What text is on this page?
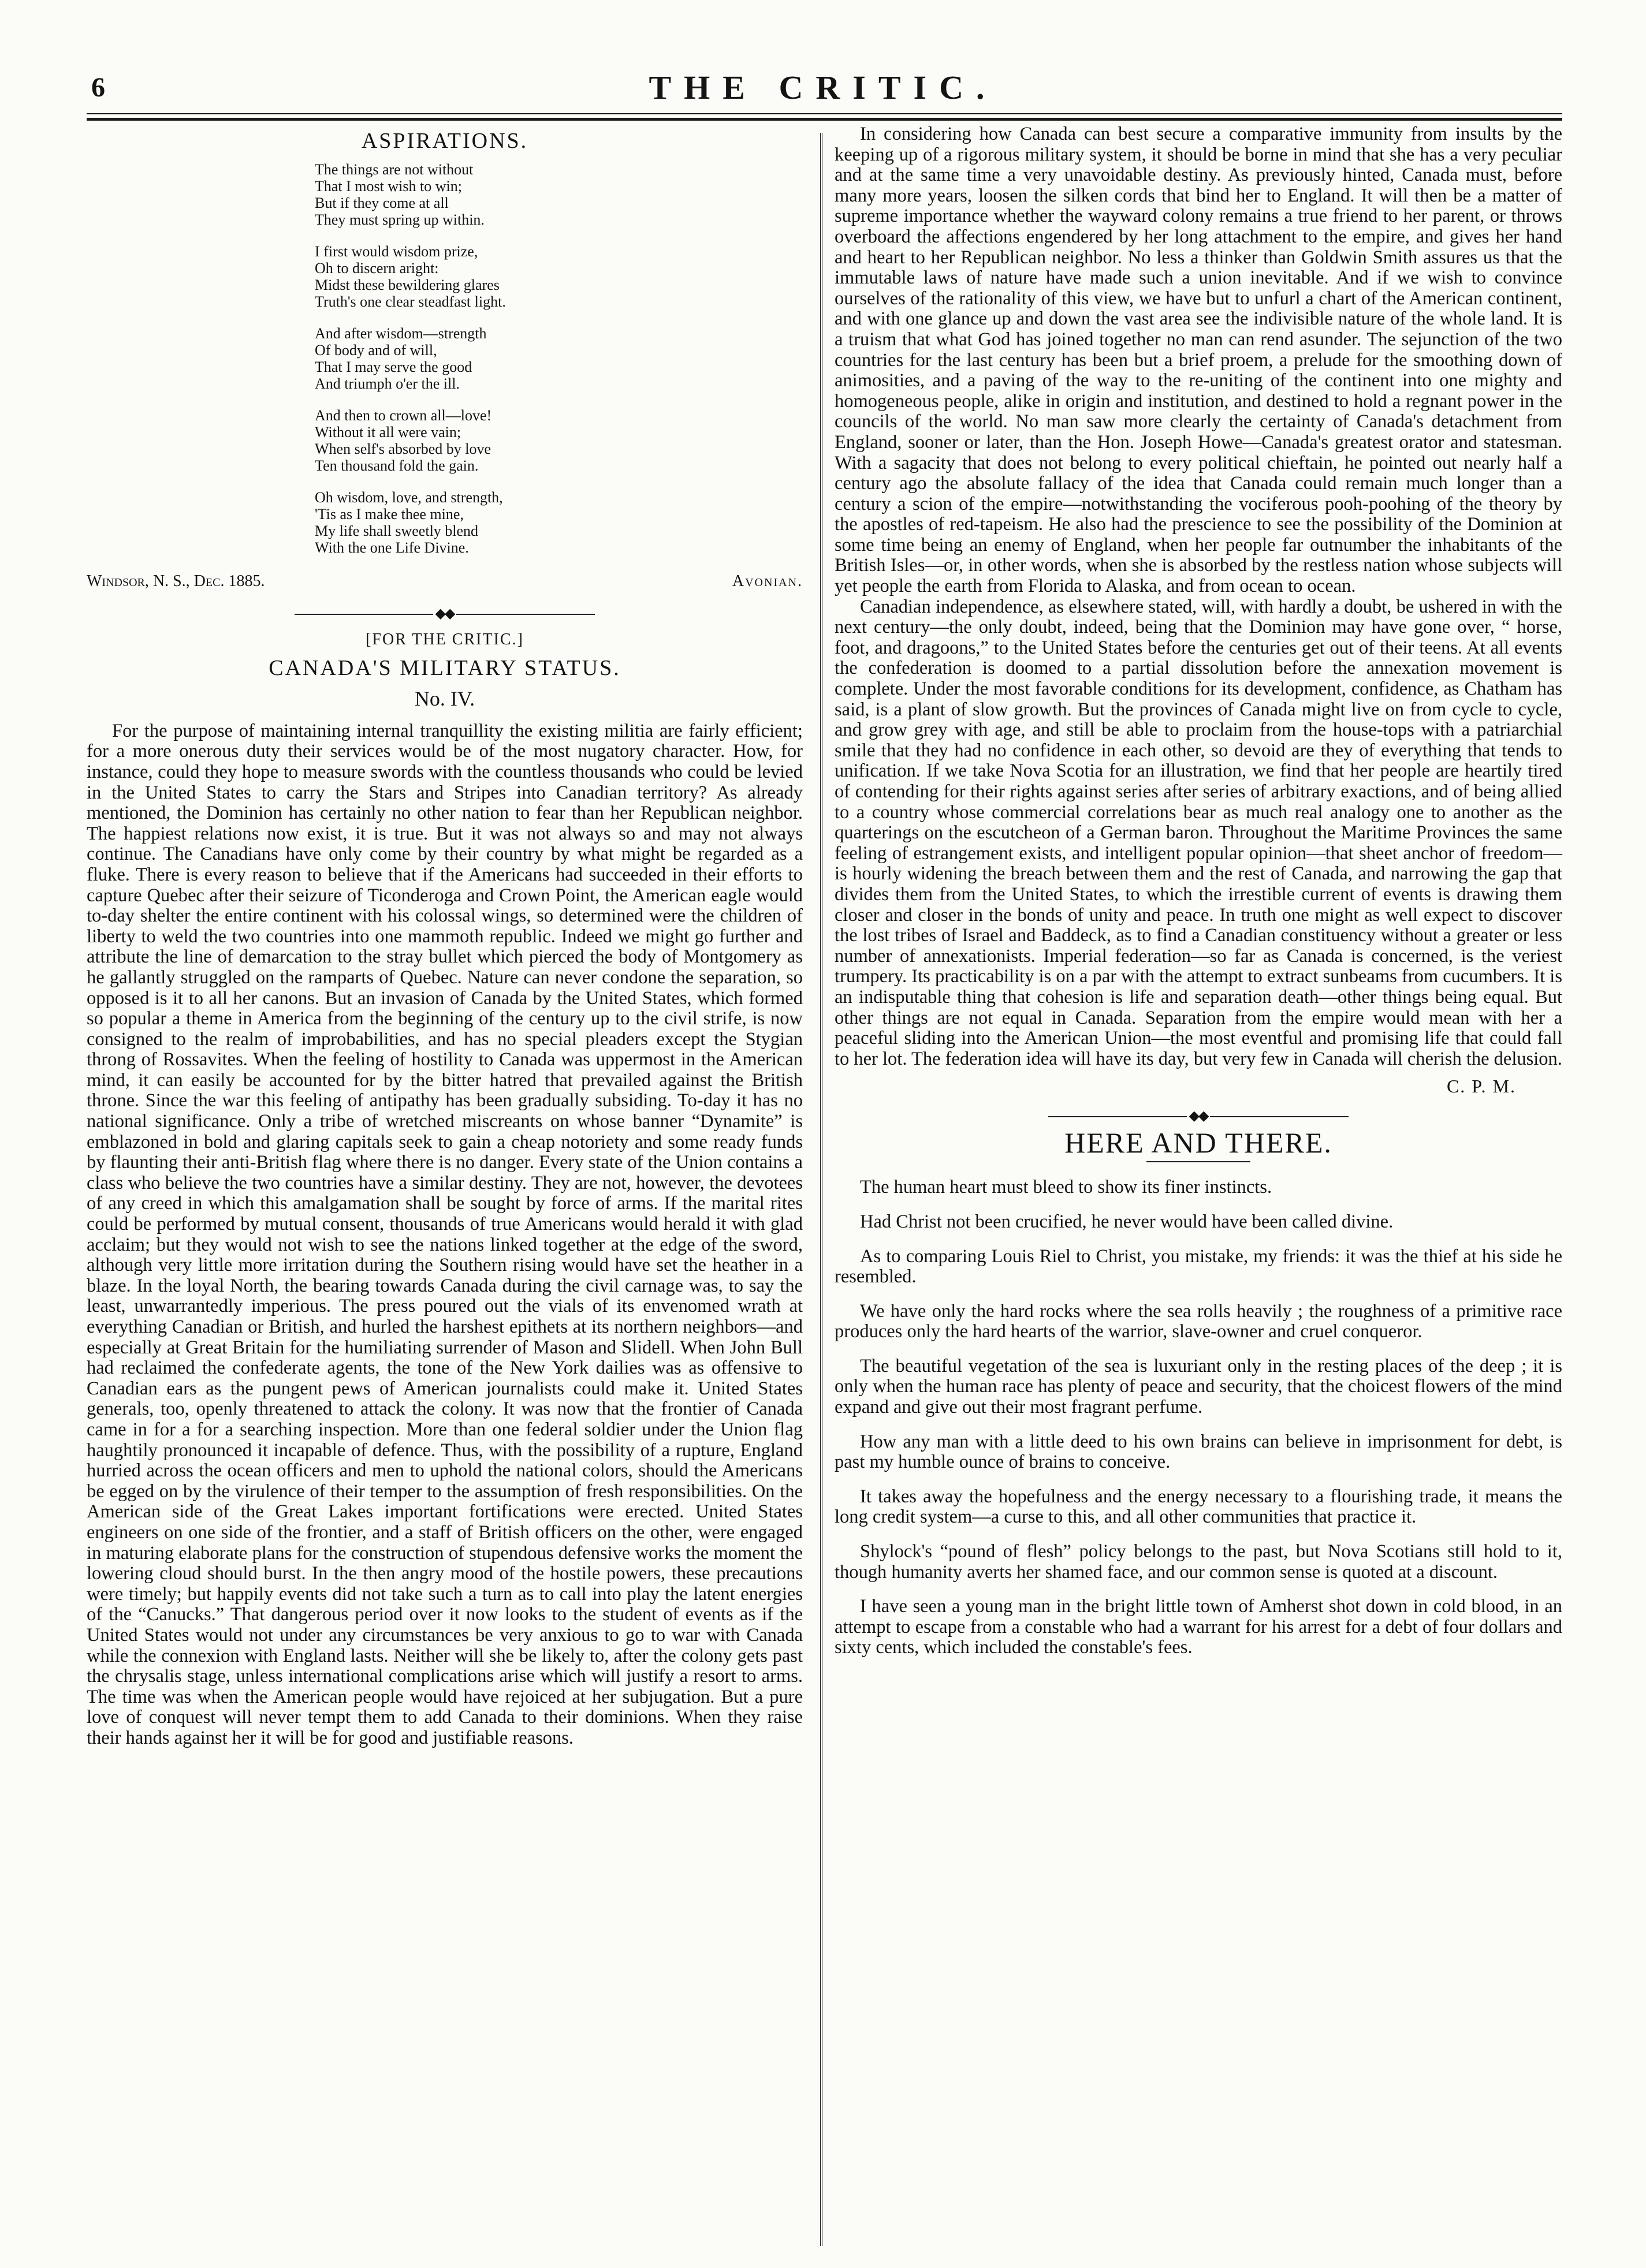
6	THE CRITIC.
ASPIRATIONS.
The things are not without
That I most wish to win;
But if they come at all
They must spring up within.
I first would wisdom prize,
Oh to discern aright:
Midst these bewildering glares
Truth's one clear steadfast light.
And after wisdom—strength
Of body and of will,
That I may serve the good
And triumph o'er the ill.
And then to crown all—love!
Without it all were vain;
When self's absorbed by love
Ten thousand fold the gain.
Oh wisdom, love, and strength,
'Tis as I make thee mine,
My life shall sweetly blend
With the one Life Divine.
Windsor, N. S., Dec. 1885.	Avonian.
◆◆
[FOR THE CRITIC.]
CANADA'S MILITARY STATUS.
No. IV.

For the purpose of maintaining internal tranquillity the existing militia are fairly efficient; for a more onerous duty their services would be of the most nugatory character. How, for instance, could they hope to measure swords with the countless thousands who could be levied in the United States to carry the Stars and Stripes into Canadian territory? As already mentioned, the Dominion has certainly no other nation to fear than her Republican neighbor. The happiest relations now exist, it is true. But it was not always so and may not always continue. The Canadians have only come by their country by what might be regarded as a fluke. There is every reason to believe that if the Americans had succeeded in their efforts to capture Quebec after their seizure of Ticonderoga and Crown Point, the American eagle would to-day shelter the entire continent with his colossal wings, so determined were the children of liberty to weld the two countries into one mammoth republic. Indeed we might go further and attribute the line of demarcation to the stray bullet which pierced the body of Montgomery as he gallantly struggled on the ramparts of Quebec. Nature can never condone the separation, so opposed is it to all her canons. But an invasion of Canada by the United States, which formed so popular a theme in America from the beginning of the century up to the civil strife, is now consigned to the realm of improbabilities, and has no special pleaders except the Stygian throng of Rossavites. When the feeling of hostility to Canada was uppermost in the American mind, it can easily be accounted for by the bitter hatred that prevailed against the British throne. Since the war this feeling of antipathy has been gradually subsiding. To-day it has no national significance. Only a tribe of wretched miscreants on whose banner “Dynamite” is emblazoned in bold and glaring capitals seek to gain a cheap notoriety and some ready funds by flaunting their anti-British flag where there is no danger. Every state of the Union contains a class who believe the two countries have a similar destiny. They are not, however, the devotees of any creed in which this amalgamation shall be sought by force of arms. If the marital rites could be performed by mutual consent, thousands of true Americans would herald it with glad acclaim; but they would not wish to see the nations linked together at the edge of the sword, although very little more irritation during the Southern rising would have set the heather in a blaze. In the loyal North, the bearing towards Canada during the civil carnage was, to say the least, unwarrantedly imperious. The press poured out the vials of its envenomed wrath at everything Canadian or British, and hurled the harshest epithets at its northern neighbors—and especially at Great Britain for the humiliating surrender of Mason and Slidell. When John Bull had reclaimed the confederate agents, the tone of the New York dailies was as offensive to Canadian ears as the pungent pews of American journalists could make it. United States generals, too, openly threatened to attack the colony. It was now that the frontier of Canada came in for a for a searching inspection. More than one federal soldier under the Union flag haughtily pronounced it incapable of defence. Thus, with the possibility of a rupture, England hurried across the ocean officers and men to uphold the national colors, should the Americans be egged on by the virulence of their temper to the assumption of fresh responsibilities. On the American side of the Great Lakes important fortifications were erected. United States engineers on one side of the frontier, and a staff of British officers on the other, were engaged in maturing elaborate plans for the construction of stupendous defensive works the moment the lowering cloud should burst. In the then angry mood of the hostile powers, these precautions were timely; but happily events did not take such a turn as to call into play the latent energies of the “Canucks.” That dangerous period over it now looks to the student of events as if the United States would not under any circumstances be very anxious to go to war with Canada while the connexion with England lasts. Neither will she be likely to, after the colony gets past the chrysalis stage, unless international complications arise which will justify a resort to arms. The time was when the American people would have rejoiced at her subjugation. But a pure love of conquest will never tempt them to add Canada to their dominions. When they raise their hands against her it will be for good and justifiable reasons.

In considering how Canada can best secure a comparative immunity from insults by the keeping up of a rigorous military system, it should be borne in mind that she has a very peculiar and at the same time a very unavoidable destiny. As previously hinted, Canada must, before many more years, loosen the silken cords that bind her to England. It will then be a matter of supreme importance whether the wayward colony remains a true friend to her parent, or throws overboard the affections engendered by her long attachment to the empire, and gives her hand and heart to her Republican neighbor. No less a thinker than Goldwin Smith assures us that the immutable laws of nature have made such a union inevitable. And if we wish to convince ourselves of the rationality of this view, we have but to unfurl a chart of the American continent, and with one glance up and down the vast area see the indivisible nature of the whole land. It is a truism that what God has joined together no man can rend asunder. The sejunction of the two countries for the last century has been but a brief proem, a prelude for the smoothing down of animosities, and a paving of the way to the re-uniting of the continent into one mighty and homogeneous people, alike in origin and institution, and destined to hold a regnant power in the councils of the world. No man saw more clearly the certainty of Canada's detachment from England, sooner or later, than the Hon. Joseph Howe—Canada's greatest orator and statesman. With a sagacity that does not belong to every political chieftain, he pointed out nearly half a century ago the absolute fallacy of the idea that Canada could remain much longer than a century a scion of the empire—notwithstanding the vociferous pooh-poohing of the theory by the apostles of red-tapeism. He also had the prescience to see the possibility of the Dominion at some time being an enemy of England, when her people far outnumber the inhabitants of the British Isles—or, in other words, when she is absorbed by the restless nation whose subjects will yet people the earth from Florida to Alaska, and from ocean to ocean.

Canadian independence, as elsewhere stated, will, with hardly a doubt, be ushered in with the next century—the only doubt, indeed, being that the Dominion may have gone over, “ horse, foot, and dragoons,” to the United States before the centuries get out of their teens. At all events the confederation is doomed to a partial dissolution before the annexation movement is complete. Under the most favorable conditions for its development, confidence, as Chatham has said, is a plant of slow growth. But the provinces of Canada might live on from cycle to cycle, and grow grey with age, and still be able to proclaim from the house-tops with a patriarchial smile that they had no confidence in each other, so devoid are they of everything that tends to unification. If we take Nova Scotia for an illustration, we find that her people are heartily tired of contending for their rights against series after series of arbitrary exactions, and of being allied to a country whose commercial correlations bear as much real analogy one to another as the quarterings on the escutcheon of a German baron. Throughout the Maritime Provinces the same feeling of estrangement exists, and intelligent popular opinion—that sheet anchor of freedom—is hourly widening the breach between them and the rest of Canada, and narrowing the gap that divides them from the United States, to which the irrestible current of events is drawing them closer and closer in the bonds of unity and peace. In truth one might as well expect to discover the lost tribes of Israel and Baddeck, as to find a Canadian constituency without a greater or less number of annexationists. Imperial federation—so far as Canada is concerned, is the veriest trumpery. Its practicability is on a par with the attempt to extract sunbeams from cucumbers. It is an indisputable thing that cohesion is life and separation death—other things being equal. But other things are not equal in Canada. Separation from the empire would mean with her a peaceful sliding into the American Union—the most eventful and promising life that could fall to her lot. The federation idea will have its day, but very few in Canada will cherish the delusion.

C. P. M.
◆◆
HERE AND THERE.

The human heart must bleed to show its finer instincts.

Had Christ not been crucified, he never would have been called divine.

As to comparing Louis Riel to Christ, you mistake, my friends: it was the thief at his side he resembled.

We have only the hard rocks where the sea rolls heavily ; the roughness of a primitive race produces only the hard hearts of the warrior, slave-owner and cruel conqueror.

The beautiful vegetation of the sea is luxuriant only in the resting places of the deep ; it is only when the human race has plenty of peace and security, that the choicest flowers of the mind expand and give out their most fragrant perfume.

How any man with a little deed to his own brains can believe in imprisonment for debt, is past my humble ounce of brains to conceive.

It takes away the hopefulness and the energy necessary to a flourishing trade, it means the long credit system—a curse to this, and all other communities that practice it.

Shylock's “pound of flesh” policy belongs to the past, but Nova Scotians still hold to it, though humanity averts her shamed face, and our common sense is quoted at a discount.

I have seen a young man in the bright little town of Amherst shot down in cold blood, in an attempt to escape from a constable who had a warrant for his arrest for a debt of four dollars and sixty cents, which included the constable's fees.
